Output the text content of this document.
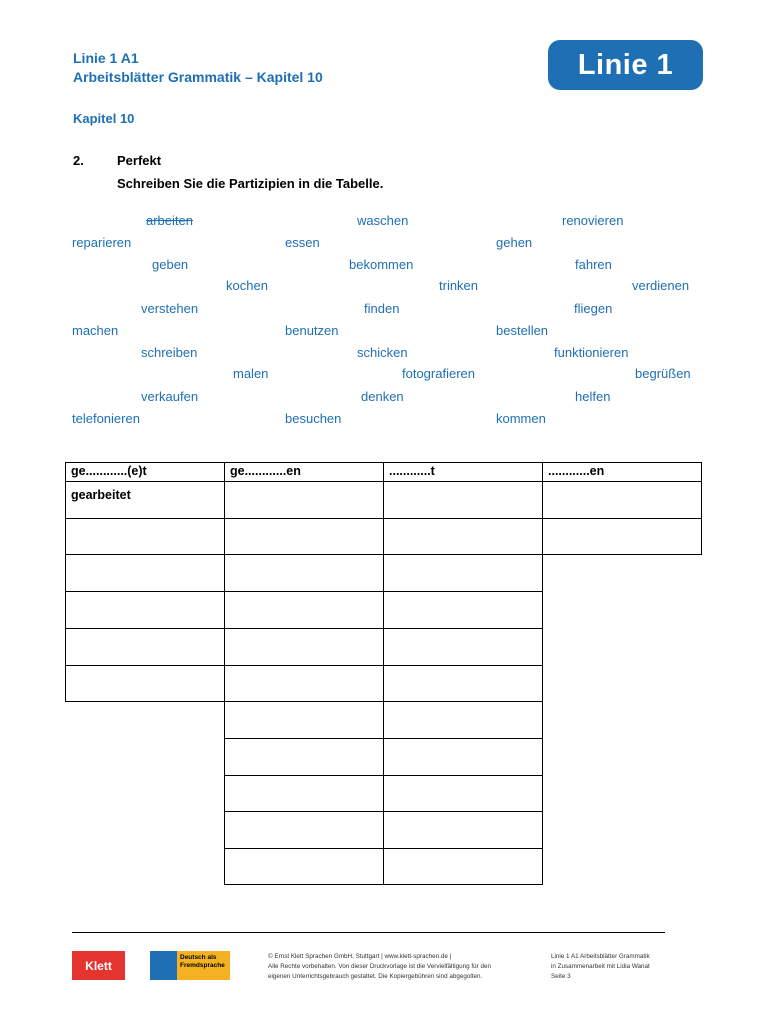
Linie 1 A1
Arbeitsblätter Grammatik – Kapitel 10	Linie 1
Kapitel 10
2.	Perfekt
Schreiben Sie die Partizipien in die Tabelle.
arbeiten	waschen	renovieren
reparieren	essen	gehen
geben	bekommen	fahren
kochen	trinken	verdienen
verstehen	finden	fliegen
machen	benutzen	bestellen
schreiben	schicken	funktionieren
malen	fotografieren	begrüßen
verkaufen	denken	helfen
telefonieren	besuchen	kommen
ge............(e)t	ge............en	............t	............en
gearbeitet
Klett
Deutsch als Fremdsprache
© Ernst Klett Sprachen GmbH, Stuttgart | www.klett-sprachen.de |
Alle Rechte vorbehalten. Von dieser Druckvorlage ist die Vervielfältigung für den
eigenen Unterrichtsgebrauch gestattet. Die Kopiergebühren sind abgegolten.
Linie 1 A1 Arbeitsblätter Grammatik
in Zusammenarbeit mit Lidia Wanat
Seite 3
